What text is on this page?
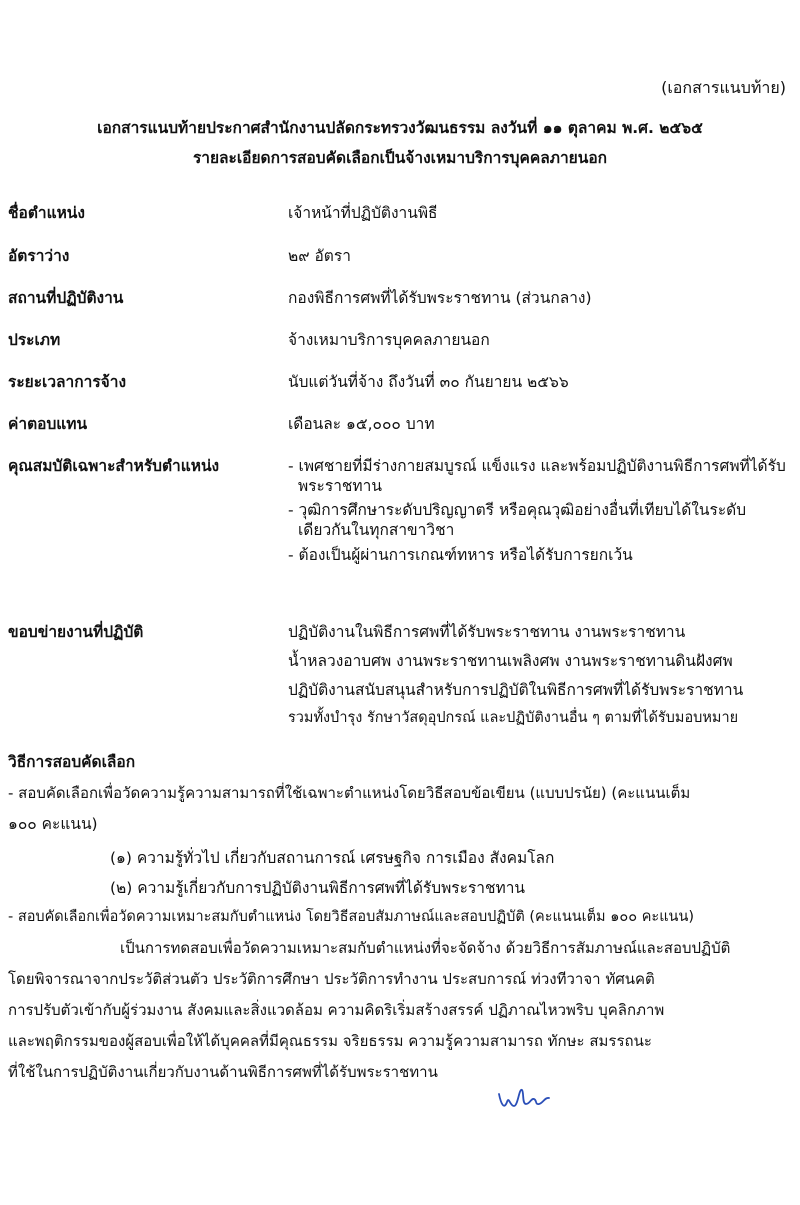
(เอกสารแนบท้าย)
เอกสารแนบท้ายประกาศสำนักงานปลัดกระทรวงวัฒนธรรม ลงวันที่ ๑๑ ตุลาคม พ.ศ. ๒๕๖๕
รายละเอียดการสอบคัดเลือกเป็นจ้างเหมาบริการบุคคลภายนอก
ชื่อตำแหน่ง	เจ้าหน้าที่ปฏิบัติงานพิธี
อัตราว่าง	๒๙ อัตรา
สถานที่ปฏิบัติงาน	กองพิธีการศพที่ได้รับพระราชทาน (ส่วนกลาง)
ประเภท	จ้างเหมาบริการบุคคลภายนอก
ระยะเวลาการจ้าง	นับแต่วันที่จ้าง ถึงวันที่ ๓๐ กันยายน ๒๕๖๖
ค่าตอบแทน	เดือนละ ๑๕,๐๐๐ บาท
คุณสมบัติเฉพาะสำหรับตำแหน่ง	- เพศชายที่มีร่างกายสมบูรณ์ แข็งแรง และพร้อมปฏิบัติงานพิธีการศพที่ได้รับพระราชทาน
- วุฒิการศึกษาระดับปริญญาตรี หรือคุณวุฒิอย่างอื่นที่เทียบได้ในระดับเดียวกันในทุกสาขาวิชา
- ต้องเป็นผู้ผ่านการเกณฑ์ทหาร หรือได้รับการยกเว้น
ขอบข่ายงานที่ปฏิบัติ	ปฏิบัติงานในพิธีการศพที่ได้รับพระราชทาน งานพระราชทาน
น้ำหลวงอาบศพ งานพระราชทานเพลิงศพ งานพระราชทานดินฝังศพ
ปฏิบัติงานสนับสนุนสำหรับการปฏิบัติในพิธีการศพที่ได้รับพระราชทาน
รวมทั้งบำรุง รักษาวัสดุอุปกรณ์ และปฏิบัติงานอื่น ๆ ตามที่ได้รับมอบหมาย
วิธีการสอบคัดเลือก
- สอบคัดเลือกเพื่อวัดความรู้ความสามารถที่ใช้เฉพาะตำแหน่งโดยวิธีสอบข้อเขียน (แบบปรนัย) (คะแนนเต็ม
๑๐๐ คะแนน)
(๑) ความรู้ทั่วไป เกี่ยวกับสถานการณ์ เศรษฐกิจ การเมือง สังคมโลก
(๒) ความรู้เกี่ยวกับการปฏิบัติงานพิธีการศพที่ได้รับพระราชทาน
- สอบคัดเลือกเพื่อวัดความเหมาะสมกับตำแหน่ง โดยวิธีสอบสัมภาษณ์และสอบปฏิบัติ (คะแนนเต็ม ๑๐๐ คะแนน)
เป็นการทดสอบเพื่อวัดความเหมาะสมกับตำแหน่งที่จะจัดจ้าง ด้วยวิธีการสัมภาษณ์และสอบปฏิบัติ
โดยพิจารณาจากประวัติส่วนตัว ประวัติการศึกษา ประวัติการทำงาน ประสบการณ์ ท่วงทีวาจา ทัศนคติ
การปรับตัวเข้ากับผู้ร่วมงาน สังคมและสิ่งแวดล้อม ความคิดริเริ่มสร้างสรรค์ ปฏิภาณไหวพริบ บุคลิกภาพ
และพฤติกรรมของผู้สอบเพื่อให้ได้บุคคลที่มีคุณธรรม จริยธรรม ความรู้ความสามารถ ทักษะ สมรรถนะ
ที่ใช้ในการปฏิบัติงานเกี่ยวกับงานด้านพิธีการศพที่ได้รับพระราชทาน
